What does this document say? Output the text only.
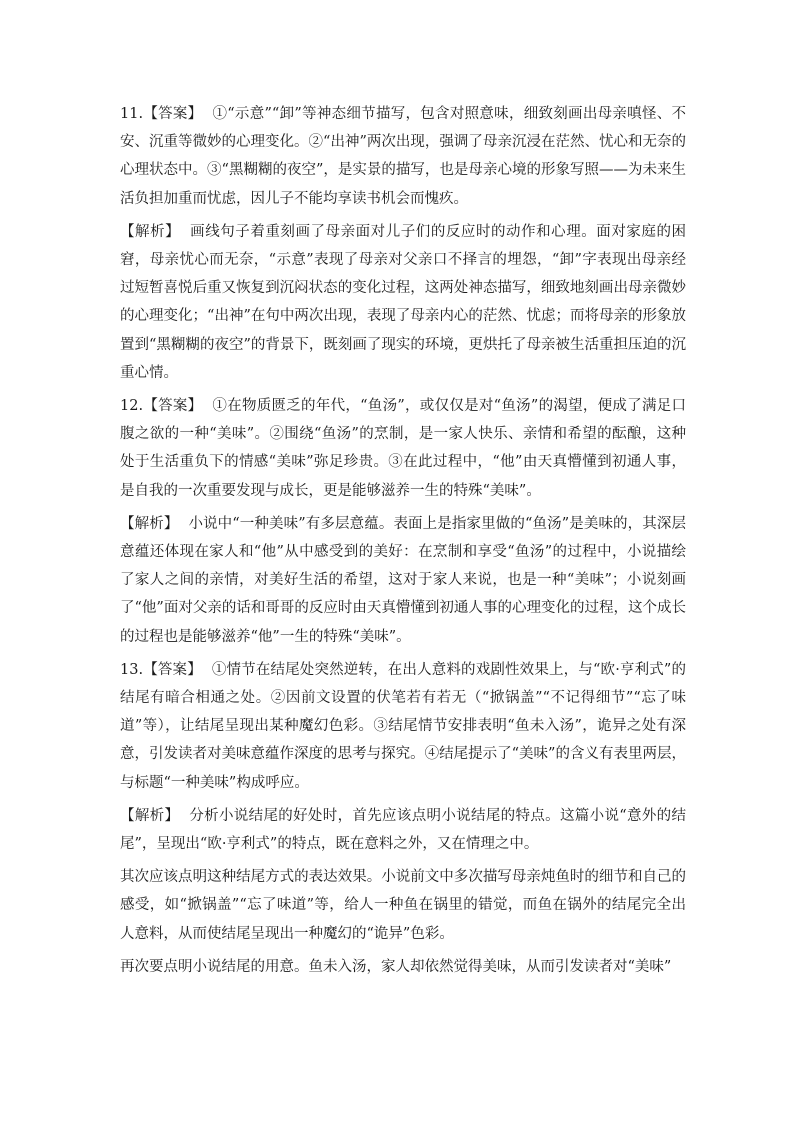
11.【答案】 ①“示意”“卸”等神态细节描写，包含对照意味，细致刻画出母亲嗔怪、不安、沉重等微妙的心理变化。②“出神”两次出现，强调了母亲沉浸在茫然、忧心和无奈的心理状态中。③“黑糊糊的夜空”，是实景的描写，也是母亲心境的形象写照——为未来生活负担加重而忧虑，因儿子不能均享读书机会而愧疚。

【解析】 画线句子着重刻画了母亲面对儿子们的反应时的动作和心理。面对家庭的困窘，母亲忧心而无奈，“示意”表现了母亲对父亲口不择言的埋怨，“卸”字表现出母亲经过短暂喜悦后重又恢复到沉闷状态的变化过程，这两处神态描写，细致地刻画出母亲微妙的心理变化；“出神”在句中两次出现，表现了母亲内心的茫然、忧虑；而将母亲的形象放置到“黑糊糊的夜空”的背景下，既刻画了现实的环境，更烘托了母亲被生活重担压迫的沉重心情。

12.【答案】 ①在物质匮乏的年代，“鱼汤”，或仅仅是对“鱼汤”的渴望，便成了满足口腹之欲的一种“美味”。②围绕“鱼汤”的烹制，是一家人快乐、亲情和希望的酝酿，这种处于生活重负下的情感“美味”弥足珍贵。③在此过程中，“他”由天真懵懂到初通人事，是自我的一次重要发现与成长，更是能够滋养一生的特殊“美味”。

【解析】 小说中“一种美味”有多层意蕴。表面上是指家里做的“鱼汤”是美味的，其深层意蕴还体现在家人和“他”从中感受到的美好：在烹制和享受“鱼汤”的过程中，小说描绘了家人之间的亲情，对美好生活的希望，这对于家人来说，也是一种“美味”；小说刻画了“他”面对父亲的话和哥哥的反应时由天真懵懂到初通人事的心理变化的过程，这个成长的过程也是能够滋养“他”一生的特殊“美味”。

13.【答案】 ①情节在结尾处突然逆转，在出人意料的戏剧性效果上，与“欧·亨利式”的结尾有暗合相通之处。②因前文设置的伏笔若有若无（“掀锅盖”“不记得细节”“忘了味道”等），让结尾呈现出某种魔幻色彩。③结尾情节安排表明“鱼未入汤”，诡异之处有深意，引发读者对美味意蕴作深度的思考与探究。④结尾提示了“美味”的含义有表里两层，与标题“一种美味”构成呼应。

【解析】 分析小说结尾的好处时，首先应该点明小说结尾的特点。这篇小说“意外的结尾”，呈现出“欧·亨利式”的特点，既在意料之外，又在情理之中。

其次应该点明这种结尾方式的表达效果。小说前文中多次描写母亲炖鱼时的细节和自己的感受，如“掀锅盖”“忘了味道”等，给人一种鱼在锅里的错觉，而鱼在锅外的结尾完全出人意料，从而使结尾呈现出一种魔幻的“诡异”色彩。

再次要点明小说结尾的用意。鱼未入汤，家人却依然觉得美味，从而引发读者对“美味”
